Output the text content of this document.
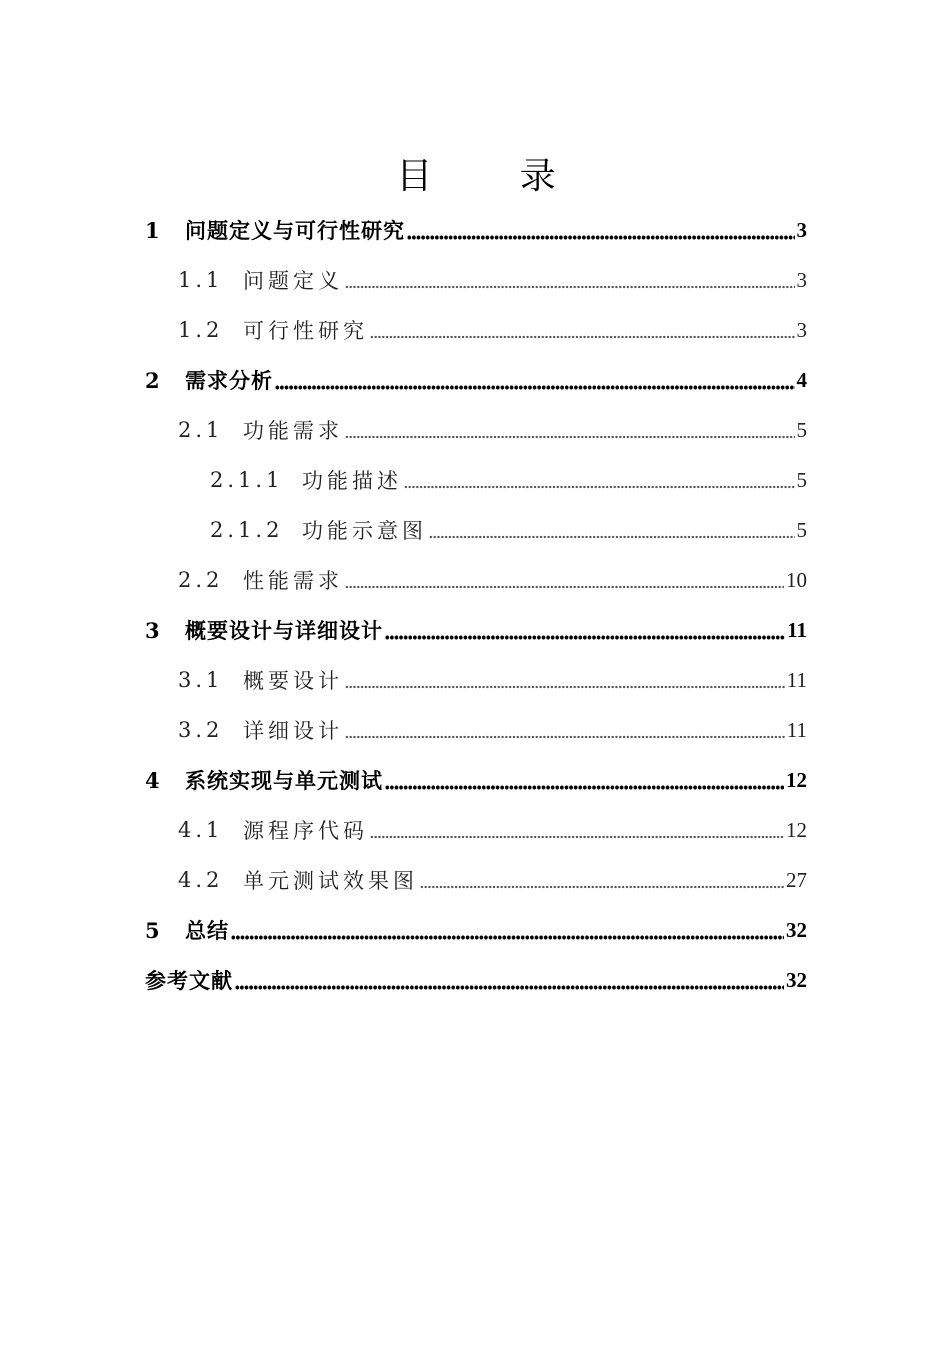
目 录
1	问题定义与可行性研究	3
1.1 问题定义	3
1.2 可行性研究	3
2	需求分析	4
2.1 功能需求	5
2.1.1 功能描述	5
2.1.2 功能示意图	5
2.2 性能需求	10
3	概要设计与详细设计	11
3.1 概要设计	11
3.2 详细设计	11
4	系统实现与单元测试	12
4.1 源程序代码	12
4.2 单元测试效果图	27
5	总结	32
参考文献	32
